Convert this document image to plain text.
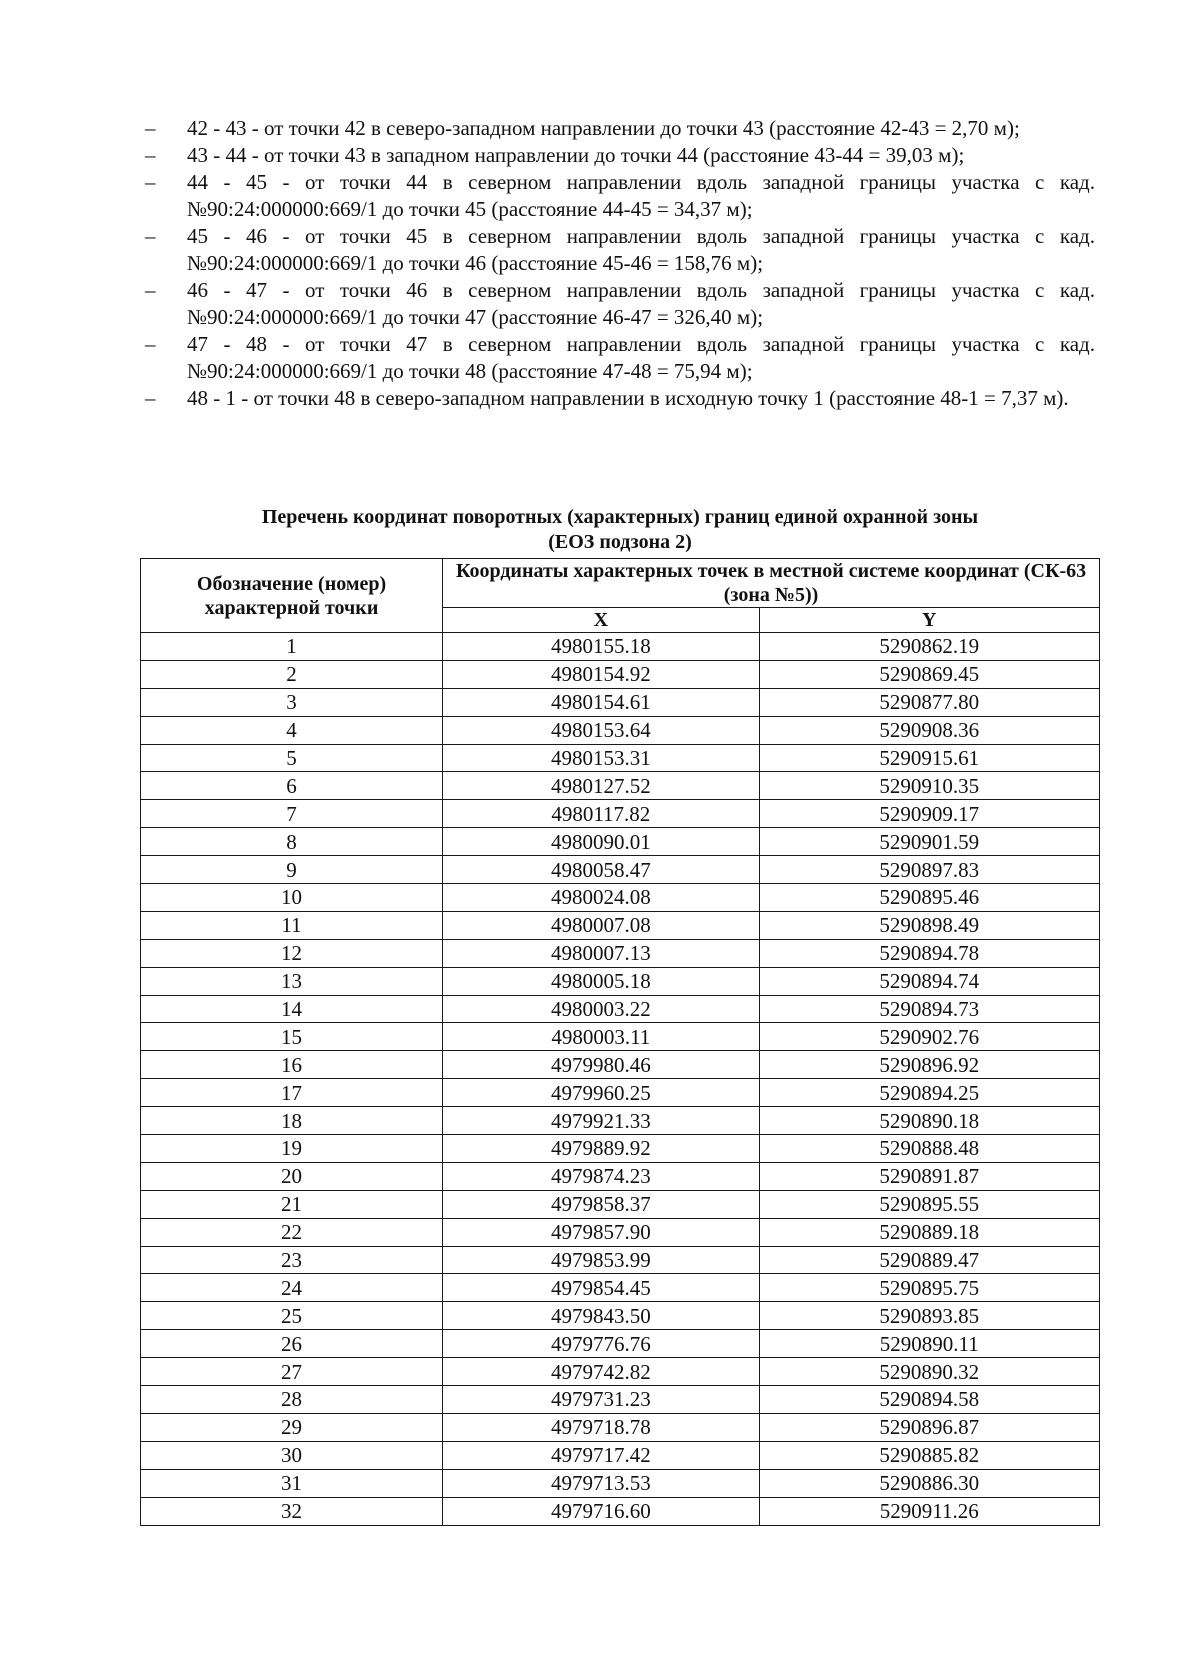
– 42 - 43 - от точки 42 в северо-западном направлении до точки 43 (расстояние 42-43 = 2,70 м);
– 43 - 44 - от точки 43 в западном направлении до точки 44 (расстояние 43-44 = 39,03 м);
– 44 - 45 - от точки 44 в северном направлении вдоль западной границы участка с кад. №90:24:000000:669/1 до точки 45 (расстояние 44-45 = 34,37 м);
– 45 - 46 - от точки 45 в северном направлении вдоль западной границы участка с кад. №90:24:000000:669/1 до точки 46 (расстояние 45-46 = 158,76 м);
– 46 - 47 - от точки 46 в северном направлении вдоль западной границы участка с кад. №90:24:000000:669/1 до точки 47 (расстояние 46-47 = 326,40 м);
– 47 - 48 - от точки 47 в северном направлении вдоль западной границы участка с кад. №90:24:000000:669/1 до точки 48 (расстояние 47-48 = 75,94 м);
– 48 - 1 - от точки 48 в северо-западном направлении в исходную точку 1 (расстояние 48-1 = 7,37 м).
Перечень координат поворотных (характерных) границ единой охранной зоны
(ЕОЗ подзона 2)
Обозначение (номер) характерной точки	Координаты характерных точек в местной системе координат (СК-63 (зона №5))	
	X	Y
1	4980155.18	5290862.19
2	4980154.92	5290869.45
3	4980154.61	5290877.80
4	4980153.64	5290908.36
5	4980153.31	5290915.61
6	4980127.52	5290910.35
7	4980117.82	5290909.17
8	4980090.01	5290901.59
9	4980058.47	5290897.83
10	4980024.08	5290895.46
11	4980007.08	5290898.49
12	4980007.13	5290894.78
13	4980005.18	5290894.74
14	4980003.22	5290894.73
15	4980003.11	5290902.76
16	4979980.46	5290896.92
17	4979960.25	5290894.25
18	4979921.33	5290890.18
19	4979889.92	5290888.48
20	4979874.23	5290891.87
21	4979858.37	5290895.55
22	4979857.90	5290889.18
23	4979853.99	5290889.47
24	4979854.45	5290895.75
25	4979843.50	5290893.85
26	4979776.76	5290890.11
27	4979742.82	5290890.32
28	4979731.23	5290894.58
29	4979718.78	5290896.87
30	4979717.42	5290885.82
31	4979713.53	5290886.30
32	4979716.60	5290911.26
